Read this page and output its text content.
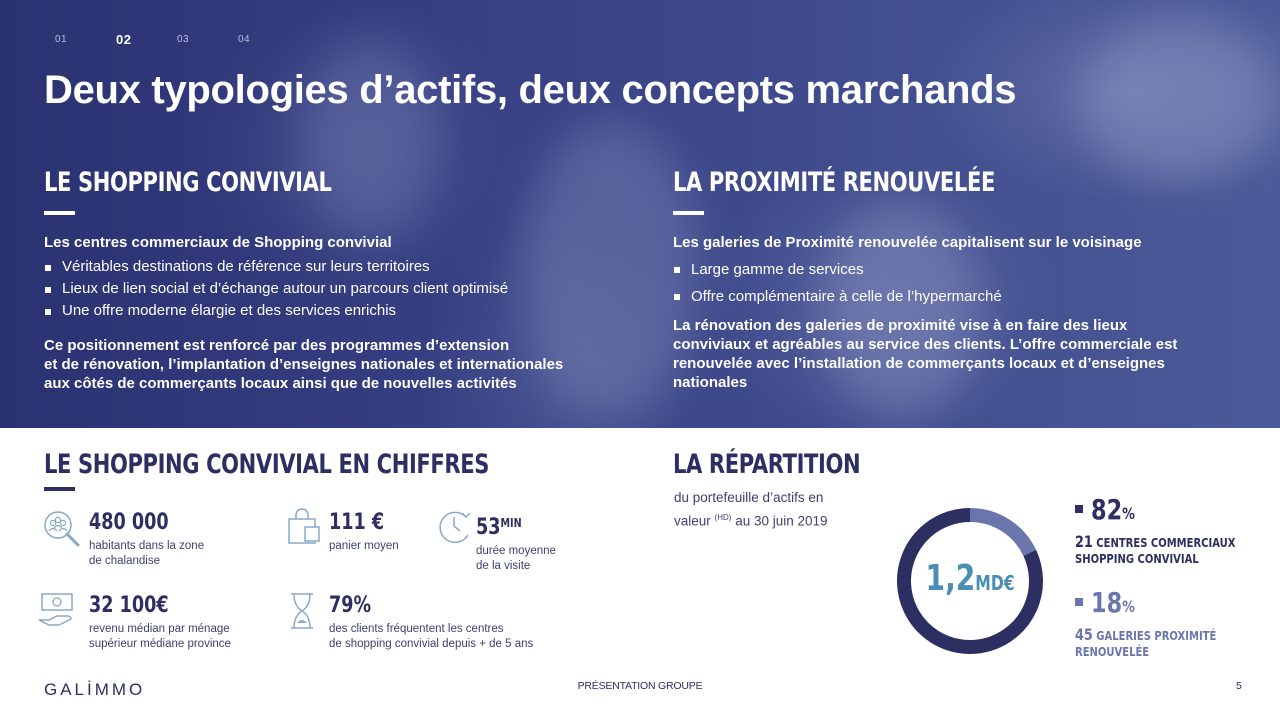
01	02	03	04
Deux typologies d’actifs, deux concepts marchands
LE SHOPPING CONVIVIAL
Les centres commerciaux de Shopping convivial
Véritables destinations de référence sur leurs territoires
Lieux de lien social et d’échange autour un parcours client optimisé
Une offre moderne élargie et des services enrichis

Ce positionnement est renforcé par des programmes d’extension
et de rénovation, l’implantation d’enseignes nationales et internationales
aux côtés de commerçants locaux ainsi que de nouvelles activités

LA PROXIMITÉ RENOUVELÉE
Les galeries de Proximité renouvelée capitalisent sur le voisinage
Large gamme de services
Offre complémentaire à celle de l’hypermarché

La rénovation des galeries de proximité vise à en faire des lieux
conviviaux et agréables au service des clients. L’offre commerciale est
renouvelée avec l’installation de commerçants locaux et d’enseignes
nationales

LE SHOPPING CONVIVIAL EN CHIFFRES
480 000
habitants dans la zone
de chalandise
111 €
panier moyen
$53^{MIN}$
durée moyenne
de la visite
32 100€
revenu médian par ménage
supérieur médiane province
79%
des clients fréquentent les centres
de shopping convivial depuis + de 5 ans
LA RÉPARTITION
du portefeuille d’actifs en
valeur $^{(HD)}$ au 30 juin 2019
1,2MD€
82%
21 CENTRES COMMERCIAUX SHOPPING CONVIVIAL
18%
45 GALERIES PROXIMITÉ RENOUVELÉE
GALİMMO	PRÉSENTATION GROUPE	5
